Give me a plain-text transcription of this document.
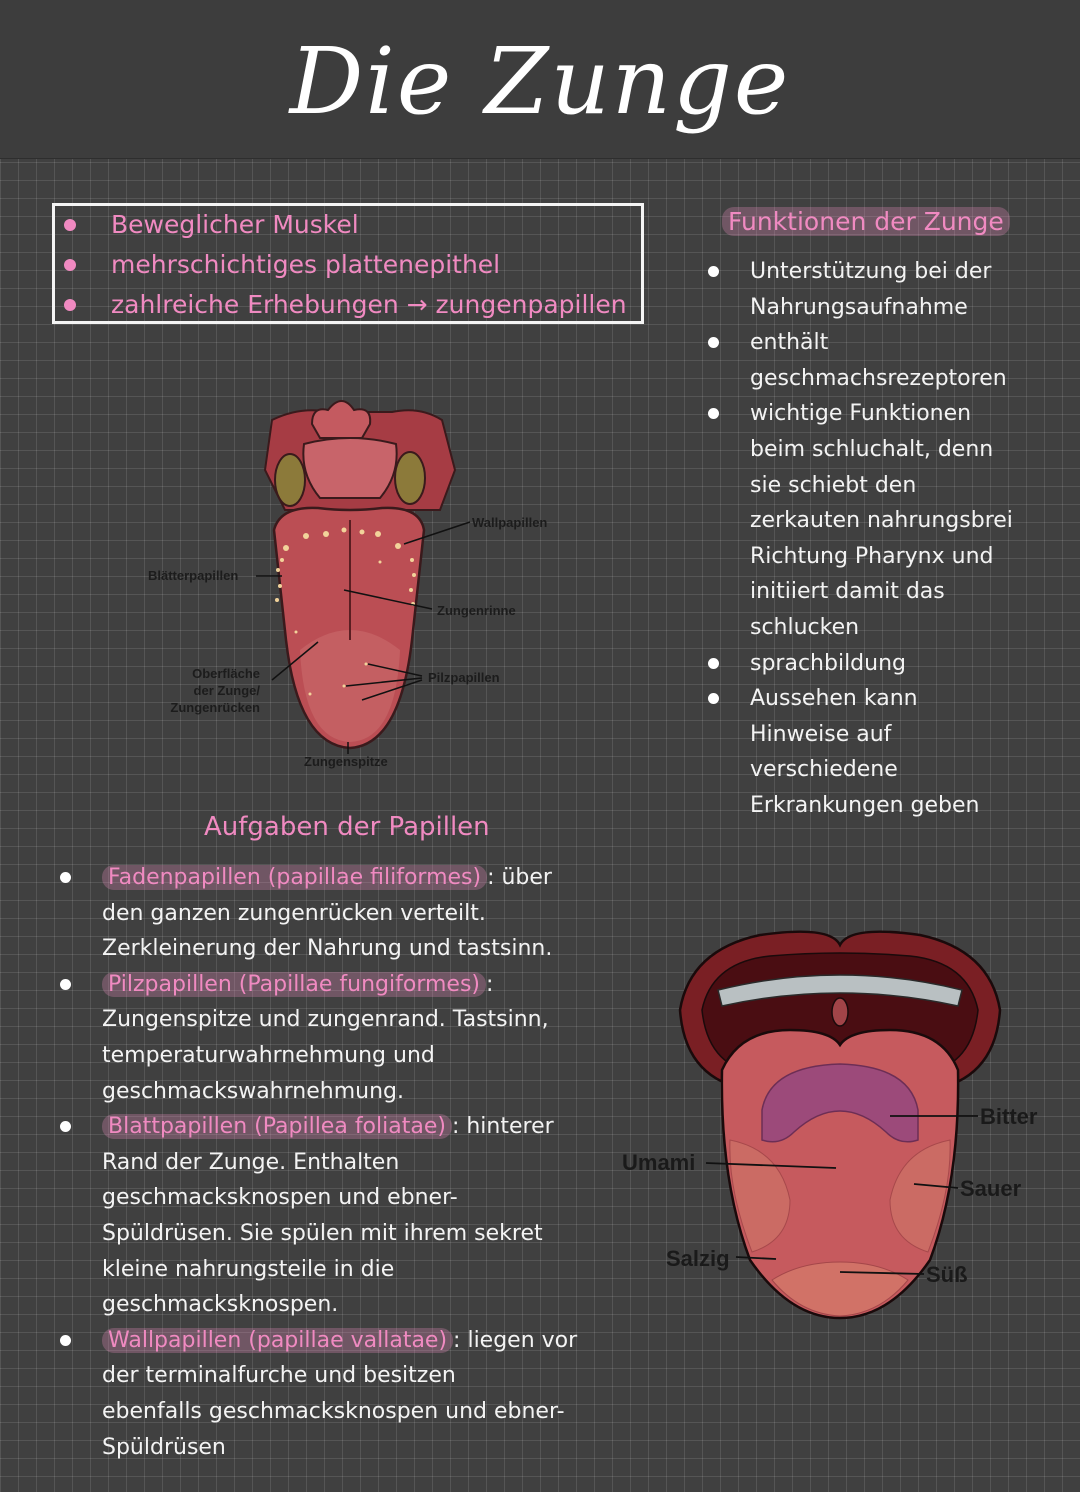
Die Zunge
Beweglicher Muskel
mehrschichtiges plattenepithel
zahlreiche Erhebungen → zungenpapillen
Funktionen der Zunge
Unterstützung bei der
Nahrungsaufnahme
enthält
geschmachsrezeptoren
wichtige Funktionen
beim schluchalt, denn
sie schiebt den
zerkauten nahrungsbrei
Richtung Pharynx und
initiiert damit das
schlucken
sprachbildung
Aussehen kann
Hinweise auf
verschiedene
Erkrankungen geben
Wallpapillen
Blätterpapillen
Zungenrinne
Pilzpapillen
Oberfläche
der Zunge/
Zungenrücken
Zungenspitze
Aufgaben der Papillen
Fadenpapillen (papillae filiformes) : über
den ganzen zungenrücken verteilt.
Zerkleinerung der Nahrung und tastsinn.
Pilzpapillen (Papillae fungiformes) :
Zungenspitze und zungenrand. Tastsinn,
temperaturwahrnehmung und
geschmackswahrnehmung.
Blattpapillen (Papillea foliatae) : hinterer
Rand der Zunge. Enthalten
geschmacksknospen und ebner-
Spüldrüsen. Sie spülen mit ihrem sekret
kleine nahrungsteile in die
geschmacksknospen.
Wallpapillen (papillae vallatae) : liegen vor
der terminalfurche und besitzen
ebenfalls geschmacksknospen und ebner-
Spüldrüsen
Bitter
Umami
Sauer
Salzig
Süß
